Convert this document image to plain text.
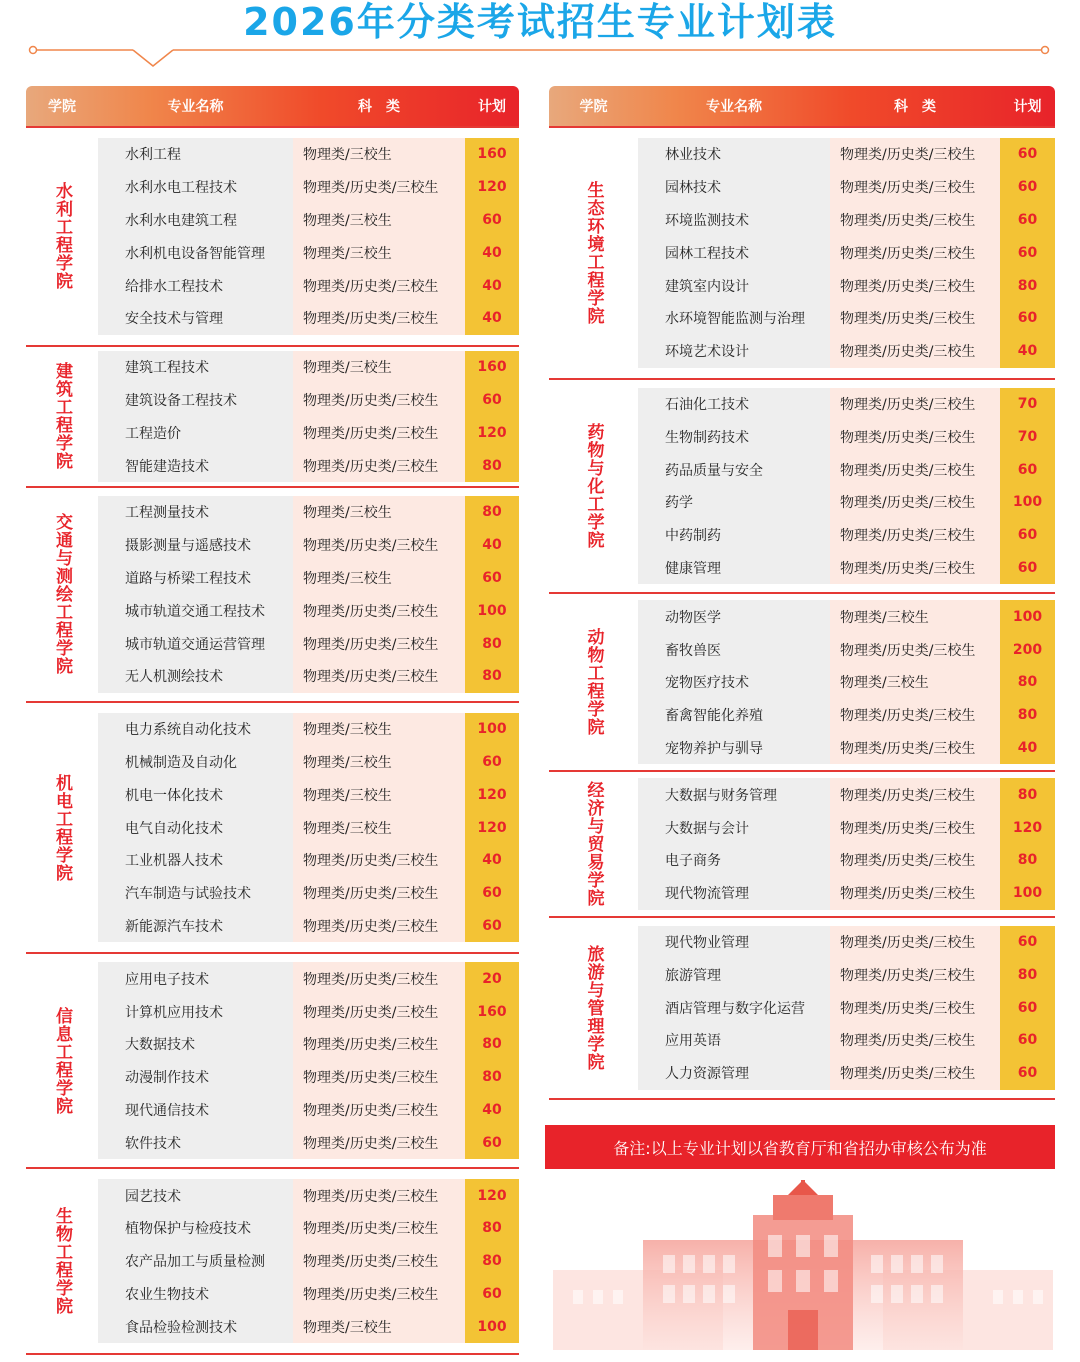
2026年分类考试招生专业计划表
学院	专业名称	科　类	计划
水利工程学院
水利工程	物理类/三校生	160
水利水电工程技术	物理类/历史类/三校生	120
水利水电建筑工程	物理类/三校生	60
水利机电设备智能管理	物理类/三校生	40
给排水工程技术	物理类/历史类/三校生	40
安全技术与管理	物理类/历史类/三校生	40
建筑工程学院	建筑工程技术	物理类/三校生	160
建筑设备工程技术	物理类/历史类/三校生	60
工程造价	物理类/历史类/三校生	120
智能建造技术	物理类/历史类/三校生	80
交通与测绘工程学院	工程测量技术	物理类/三校生	80
摄影测量与遥感技术	物理类/历史类/三校生	40
道路与桥梁工程技术	物理类/三校生	60
城市轨道交通工程技术	物理类/历史类/三校生	100
城市轨道交通运营管理	物理类/历史类/三校生	80
无人机测绘技术	物理类/历史类/三校生	80
机电工程学院
电力系统自动化技术	物理类/三校生	100
机械制造及自动化	物理类/三校生	60
机电一体化技术	物理类/三校生	120
电气自动化技术	物理类/三校生	120
工业机器人技术	物理类/历史类/三校生	40
汽车制造与试验技术	物理类/历史类/三校生	60
新能源汽车技术	物理类/历史类/三校生	60
信息工程学院
应用电子技术	物理类/历史类/三校生	20
计算机应用技术	物理类/历史类/三校生	160
大数据技术	物理类/历史类/三校生	80
动漫制作技术	物理类/历史类/三校生	80
现代通信技术	物理类/历史类/三校生	40
软件技术	物理类/历史类/三校生	60
生物工程学院
园艺技术	物理类/历史类/三校生	120
植物保护与检疫技术	物理类/历史类/三校生	80
农产品加工与质量检测	物理类/历史类/三校生	80
农业生物技术	物理类/历史类/三校生	60
食品检验检测技术	物理类/三校生	100
学院	专业名称	科　类	计划
生态环境工程学院
林业技术	物理类/历史类/三校生	60
园林技术	物理类/历史类/三校生	60
环境监测技术	物理类/历史类/三校生	60
园林工程技术	物理类/历史类/三校生	60
建筑室内设计	物理类/历史类/三校生	80
水环境智能监测与治理	物理类/历史类/三校生	60
环境艺术设计	物理类/历史类/三校生	40
药物与化工学院
石油化工技术	物理类/历史类/三校生	70
生物制药技术	物理类/历史类/三校生	70
药品质量与安全	物理类/历史类/三校生	60
药学	物理类/历史类/三校生	100
中药制药	物理类/历史类/三校生	60
健康管理	物理类/历史类/三校生	60
动物工程学院
动物医学	物理类/三校生	100
畜牧兽医	物理类/历史类/三校生	200
宠物医疗技术	物理类/三校生	80
畜禽智能化养殖	物理类/历史类/三校生	80
宠物养护与驯导	物理类/历史类/三校生	40
经济与贸易学院	大数据与财务管理	物理类/历史类/三校生	80
大数据与会计	物理类/历史类/三校生	120
电子商务	物理类/历史类/三校生	80
现代物流管理	物理类/历史类/三校生	100
旅游与管理学院
现代物业管理	物理类/历史类/三校生	60
旅游管理	物理类/历史类/三校生	80
酒店管理与数字化运营	物理类/历史类/三校生	60
应用英语	物理类/历史类/三校生	60
人力资源管理	物理类/历史类/三校生	60
备注:以上专业计划以省教育厅和省招办审核公布为准
